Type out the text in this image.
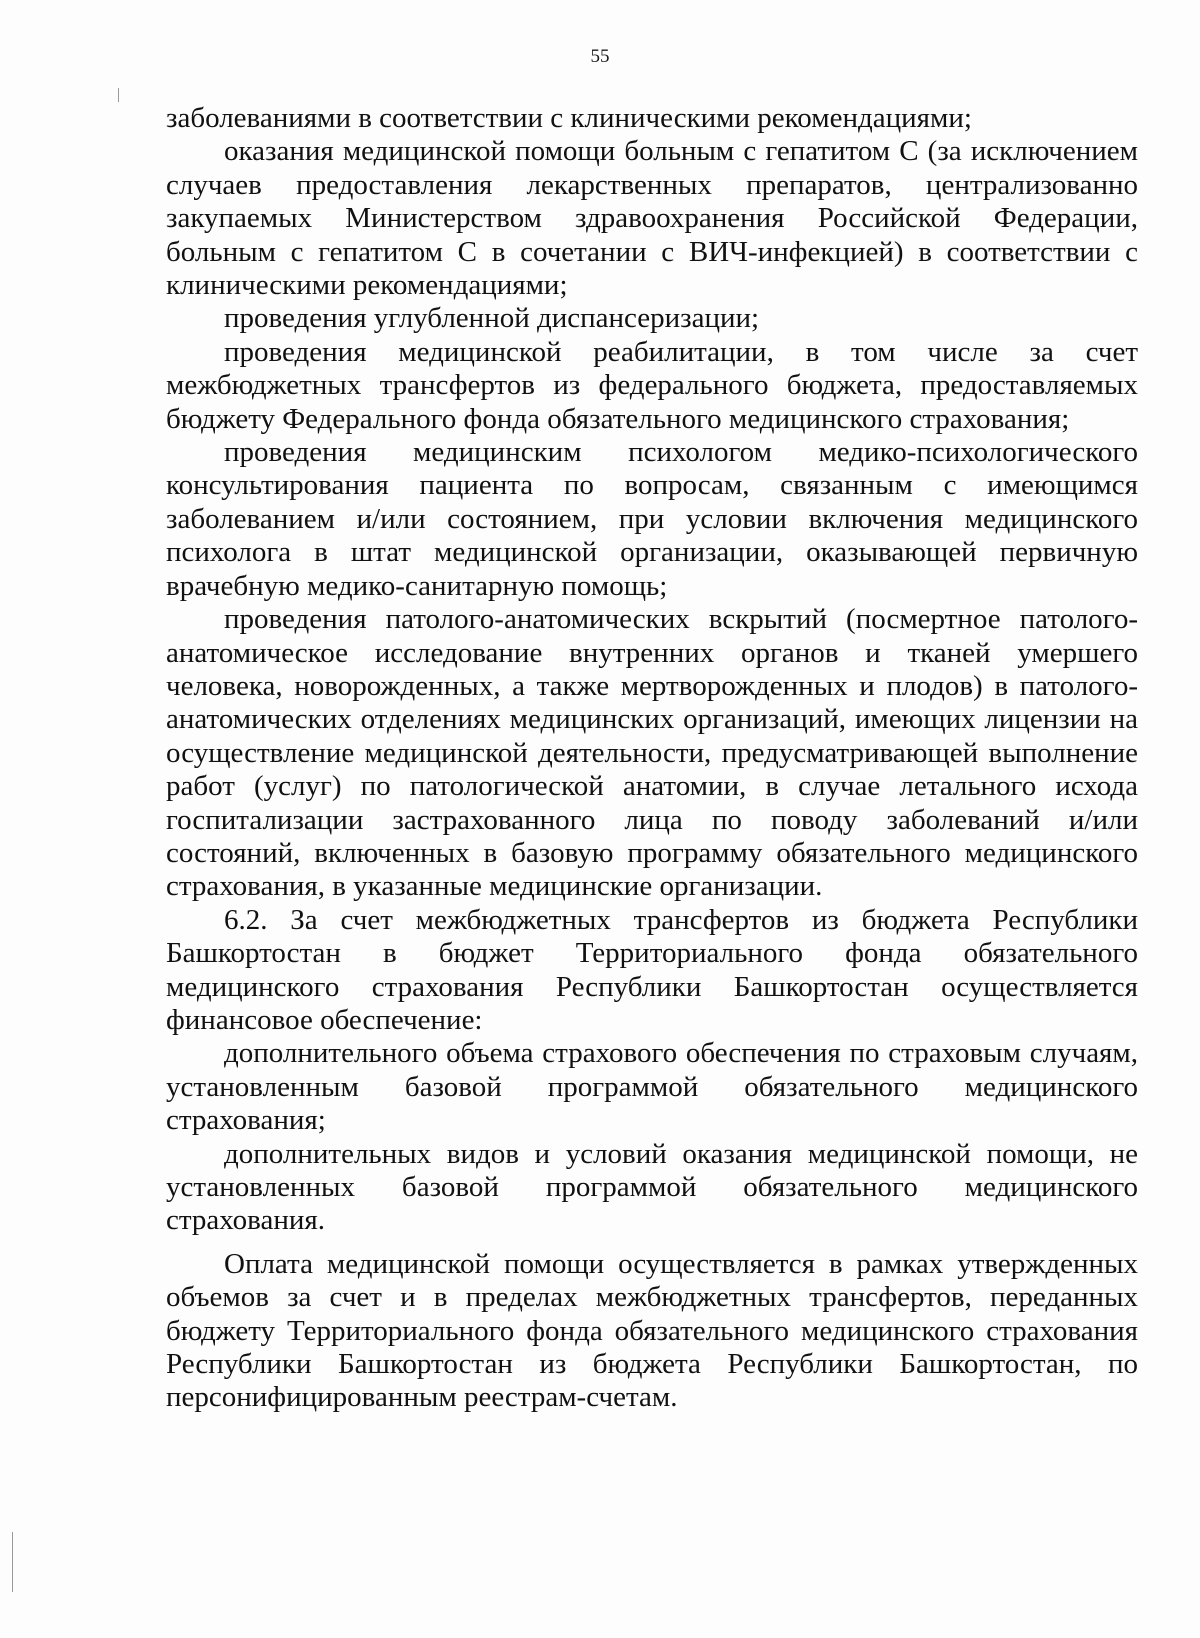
55

заболеваниями в соответствии с клиническими рекомендациями;

оказания медицинской помощи больным с гепатитом С (за исключением случаев предоставления лекарственных препаратов, централизованно закупаемых Министерством здравоохранения Российской Федерации, больным с гепатитом С в сочетании с ВИЧ-инфекцией) в соответствии с клиническими рекомендациями;

проведения углубленной диспансеризации;

проведения медицинской реабилитации, в том числе за счет межбюджетных трансфертов из федерального бюджета, предоставляемых бюджету Федерального фонда обязательного медицинского страхования;

проведения медицинским психологом медико-психологического консультирования пациента по вопросам, связанным с имеющимся заболеванием и/или состоянием, при условии включения медицинского психолога в штат медицинской организации, оказывающей первичную врачебную медико-санитарную помощь;

проведения патолого-анатомических вскрытий (посмертное патолого-анатомическое исследование внутренних органов и тканей умершего человека, новорожденных, а также мертворожденных и плодов) в патолого-анатомических отделениях медицинских организаций, имеющих лицензии на осуществление медицинской деятельности, предусматривающей выполнение работ (услуг) по патологической анатомии, в случае летального исхода госпитализации застрахованного лица по поводу заболеваний и/или состояний, включенных в базовую программу обязательного медицинского страхования, в указанные медицинские организации.

6.2. За счет межбюджетных трансфертов из бюджета Республики Башкортостан в бюджет Территориального фонда обязательного медицинского страхования Республики Башкортостан осуществляется финансовое обеспечение:

дополнительного объема страхового обеспечения по страховым случаям, установленным базовой программой обязательного медицинского страхования;

дополнительных видов и условий оказания медицинской помощи, не установленных базовой программой обязательного медицинского страхования.

Оплата медицинской помощи осуществляется в рамках утвержденных объемов за счет и в пределах межбюджетных трансфертов, переданных бюджету Территориального фонда обязательного медицинского страхования Республики Башкортостан из бюджета Республики Башкортостан, по персонифицированным реестрам-счетам.
